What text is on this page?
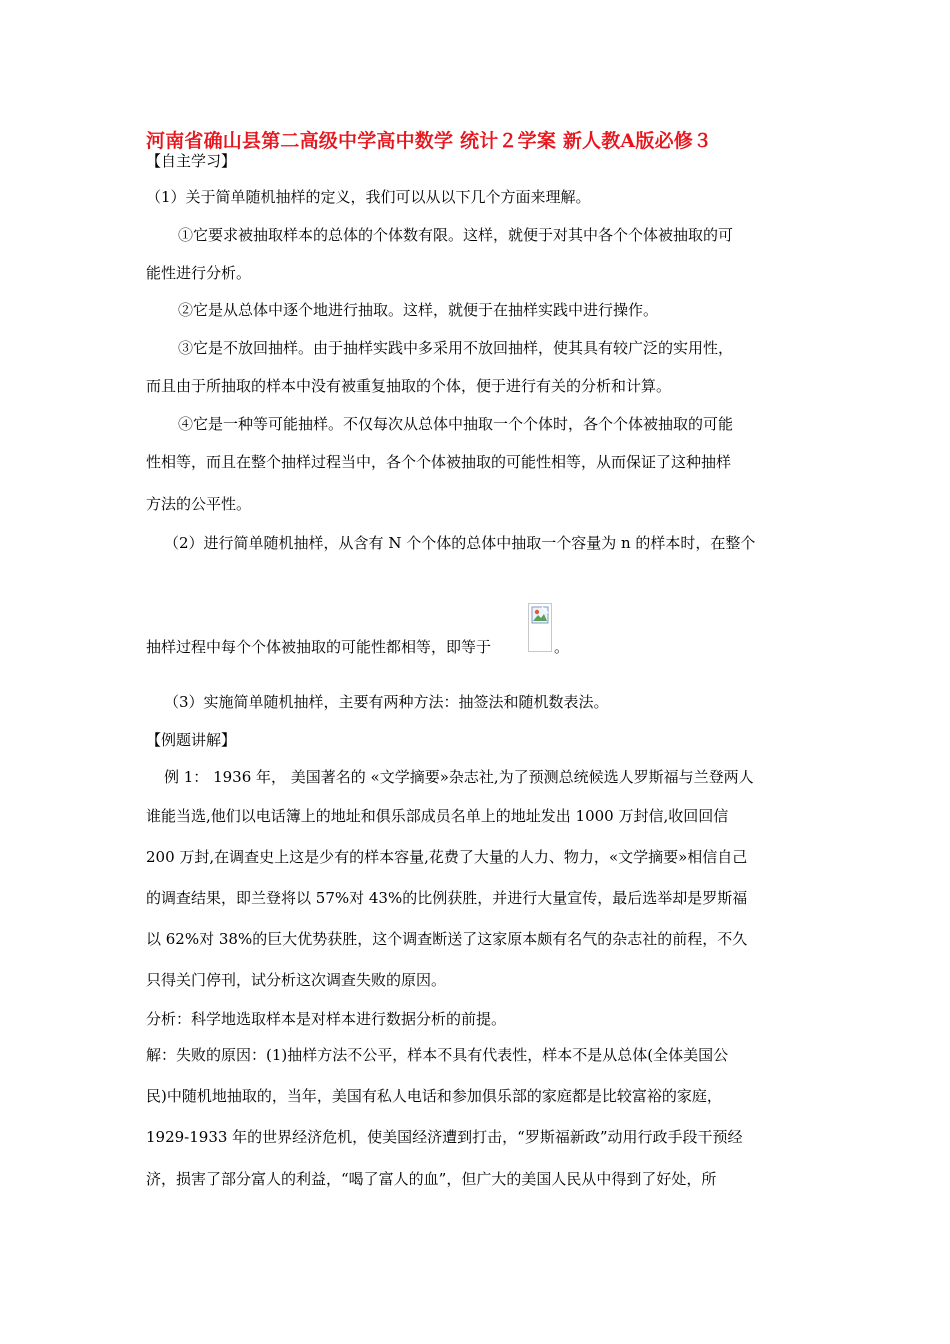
河南省确山县第二高级中学高中数学 统计２学案 新人教A版必修３
【自主学习】
（1）关于简单随机抽样的定义，我们可以从以下几个方面来理解。
①它要求被抽取样本的总体的个体数有限。这样，就便于对其中各个个体被抽取的可
能性进行分析。
②它是从总体中逐个地进行抽取。这样，就便于在抽样实践中进行操作。
③它是不放回抽样。由于抽样实践中多采用不放回抽样，使其具有较广泛的实用性，
而且由于所抽取的样本中没有被重复抽取的个体，便于进行有关的分析和计算。
④它是一种等可能抽样。不仅每次从总体中抽取一个个体时，各个个体被抽取的可能
性相等，而且在整个抽样过程当中，各个个体被抽取的可能性相等，从而保证了这种抽样
方法的公平性。
（2）进行简单随机抽样，从含有 N 个个体的总体中抽取一个容量为 n 的样本时，在整个
抽样过程中每个个体被抽取的可能性都相等，即等于	。
（3）实施简单随机抽样，主要有两种方法：抽签法和随机数表法。
【例题讲解】
例 1： 1936 年， 美国著名的 «文学摘要»杂志社,为了预测总统候选人罗斯福与兰登两人
谁能当选,他们以电话簿上的地址和俱乐部成员名单上的地址发出 1000 万封信,收回回信
200 万封,在调查史上这是少有的样本容量,花费了大量的人力、物力，«文学摘要»相信自己
的调查结果，即兰登将以 57%对 43%的比例获胜，并进行大量宣传，最后选举却是罗斯福
以 62%对 38%的巨大优势获胜，这个调查断送了这家原本颇有名气的杂志社的前程，不久
只得关门停刊，试分析这次调查失败的原因。
分析：科学地选取样本是对样本进行数据分析的前提。
解：失败的原因：(1)抽样方法不公平，样本不具有代表性，样本不是从总体(全体美国公
民)中随机地抽取的，当年，美国有私人电话和参加俱乐部的家庭都是比较富裕的家庭，
1929-1933 年的世界经济危机，使美国经济遭到打击，“罗斯福新政”动用行政手段干预经
济，损害了部分富人的利益，“喝了富人的血”，但广大的美国人民从中得到了好处，所
